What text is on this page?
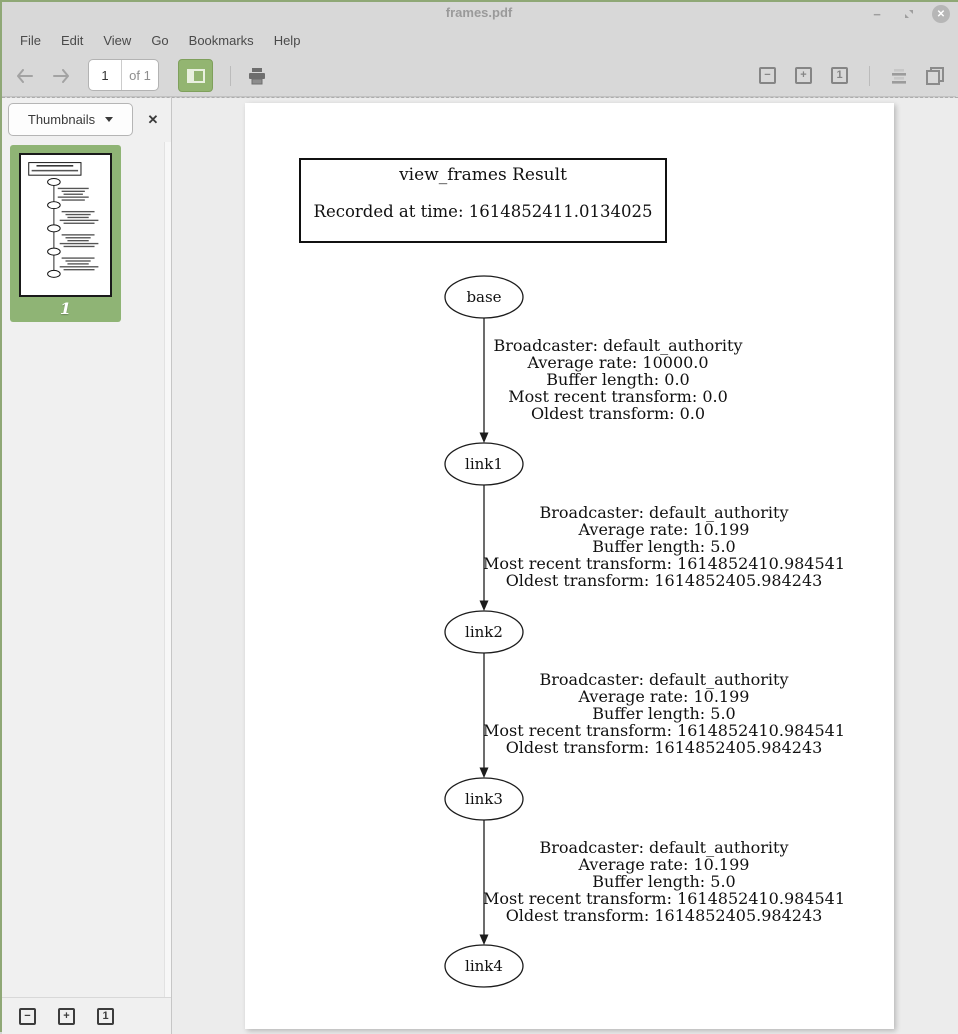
frames.pdf	−	✕
File	Edit	View	Go	Bookmarks	Help
1
of 1	−	+	1
Thumbnails	✕
1
−	+	1
view_frames Result
Recorded at time: 1614852411.0134025
Broadcaster: default_authority
Average rate: 10000.0
Buffer length: 0.0
Most recent transform: 0.0
Oldest transform: 0.0
Broadcaster: default_authority
Average rate: 10.199
Buffer length: 5.0
Most recent transform: 1614852410.984541
Oldest transform: 1614852405.984243
Broadcaster: default_authority
Average rate: 10.199
Buffer length: 5.0
Most recent transform: 1614852410.984541
Oldest transform: 1614852405.984243
Broadcaster: default_authority
Average rate: 10.199
Buffer length: 5.0
Most recent transform: 1614852410.984541
Oldest transform: 1614852405.984243
base
link1
link2
link3
link4
